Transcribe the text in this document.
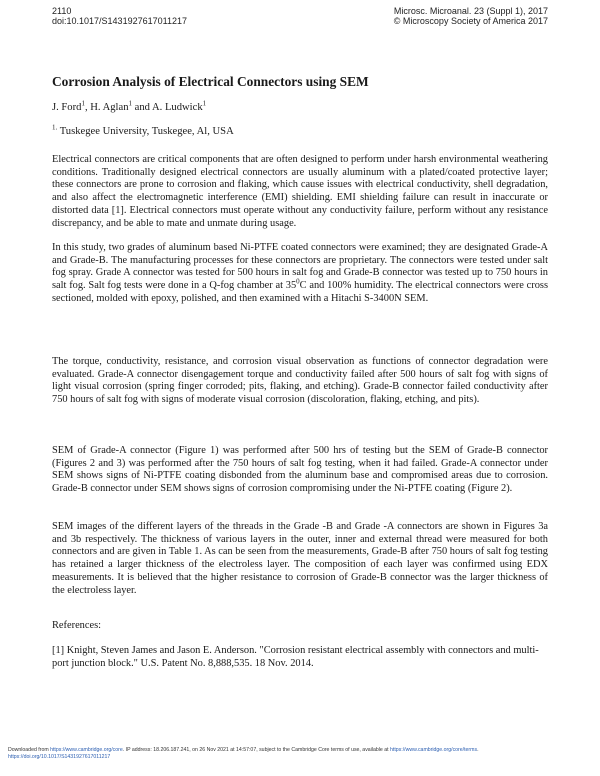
2110
doi:10.1017/S1431927617011217
Microsc. Microanal. 23 (Suppl 1), 2017
© Microscopy Society of America 2017
Corrosion Analysis of Electrical Connectors using SEM
J. Ford$^1$, H. Aglan$^1$ and A. Ludwick$^1$
$^{1.}$ Tuskegee University, Tuskegee, Al, USA
Electrical connectors are critical components that are often designed to perform under harsh environmental weathering conditions. Traditionally designed electrical connectors are usually aluminum with a plated/coated protective layer; these connectors are prone to corrosion and flaking, which cause issues with electrical conductivity, shell degradation, and also affect the electromagnetic interference (EMI) shielding. EMI shielding failure can result in inaccurate or distorted data [1]. Electrical connectors must operate without any conductivity failure, perform without any resistance discrepancy, and be able to mate and unmate during usage.
In this study, two grades of aluminum based Ni-PTFE coated connectors were examined; they are designated Grade-A and Grade-B. The manufacturing processes for these connectors are proprietary. The connectors were tested under salt fog spray. Grade A connector was tested for 500 hours in salt fog and Grade-B connector was tested up to 750 hours in salt fog. Salt fog tests were done in a Q-fog chamber at $35^0C$ and 100% humidity. The electrical connectors were cross sectioned, molded with epoxy, polished, and then examined with a Hitachi S-3400N SEM.
The torque, conductivity, resistance, and corrosion visual observation as functions of connector degradation were evaluated. Grade-A connector disengagement torque and conductivity failed after 500 hours of salt fog with signs of light visual corrosion (spring finger corroded; pits, flaking, and etching). Grade-B connector failed conductivity after 750 hours of salt fog with signs of moderate visual corrosion (discoloration, flaking, etching, and pits).
SEM of Grade-A connector (Figure 1) was performed after 500 hrs of testing but the SEM of Grade-B connector (Figures 2 and 3) was performed after the 750 hours of salt fog testing, when it had failed. Grade-A connector under SEM shows signs of Ni-PTFE coating disbonded from the aluminum base and compromised areas due to corrosion. Grade-B connector under SEM shows signs of corrosion compromising under the Ni-PTFE coating (Figure 2).
SEM images of the different layers of the threads in the Grade -B and Grade -A connectors are shown in Figures 3a and 3b respectively. The thickness of various layers in the outer, inner and external thread were measured for both connectors and are given in Table 1. As can be seen from the measurements, Grade-B after 750 hours of salt fog testing has retained a larger thickness of the electroless layer. The composition of each layer was confirmed using EDX measurements. It is believed that the higher resistance to corrosion of Grade-B connector was the larger thickness of the electroless layer.
References:
[1] Knight, Steven James and Jason E. Anderson. "Corrosion resistant electrical assembly with connectors and multi-port junction block." U.S. Patent No. 8,888,535. 18 Nov. 2014.
Downloaded from https://www.cambridge.org/core. IP address: 18.206.187.241, on 26 Nov 2021 at 14:57:07, subject to the Cambridge Core terms of use, available at https://www.cambridge.org/core/terms.
https://doi.org/10.1017/S1431927617011217
